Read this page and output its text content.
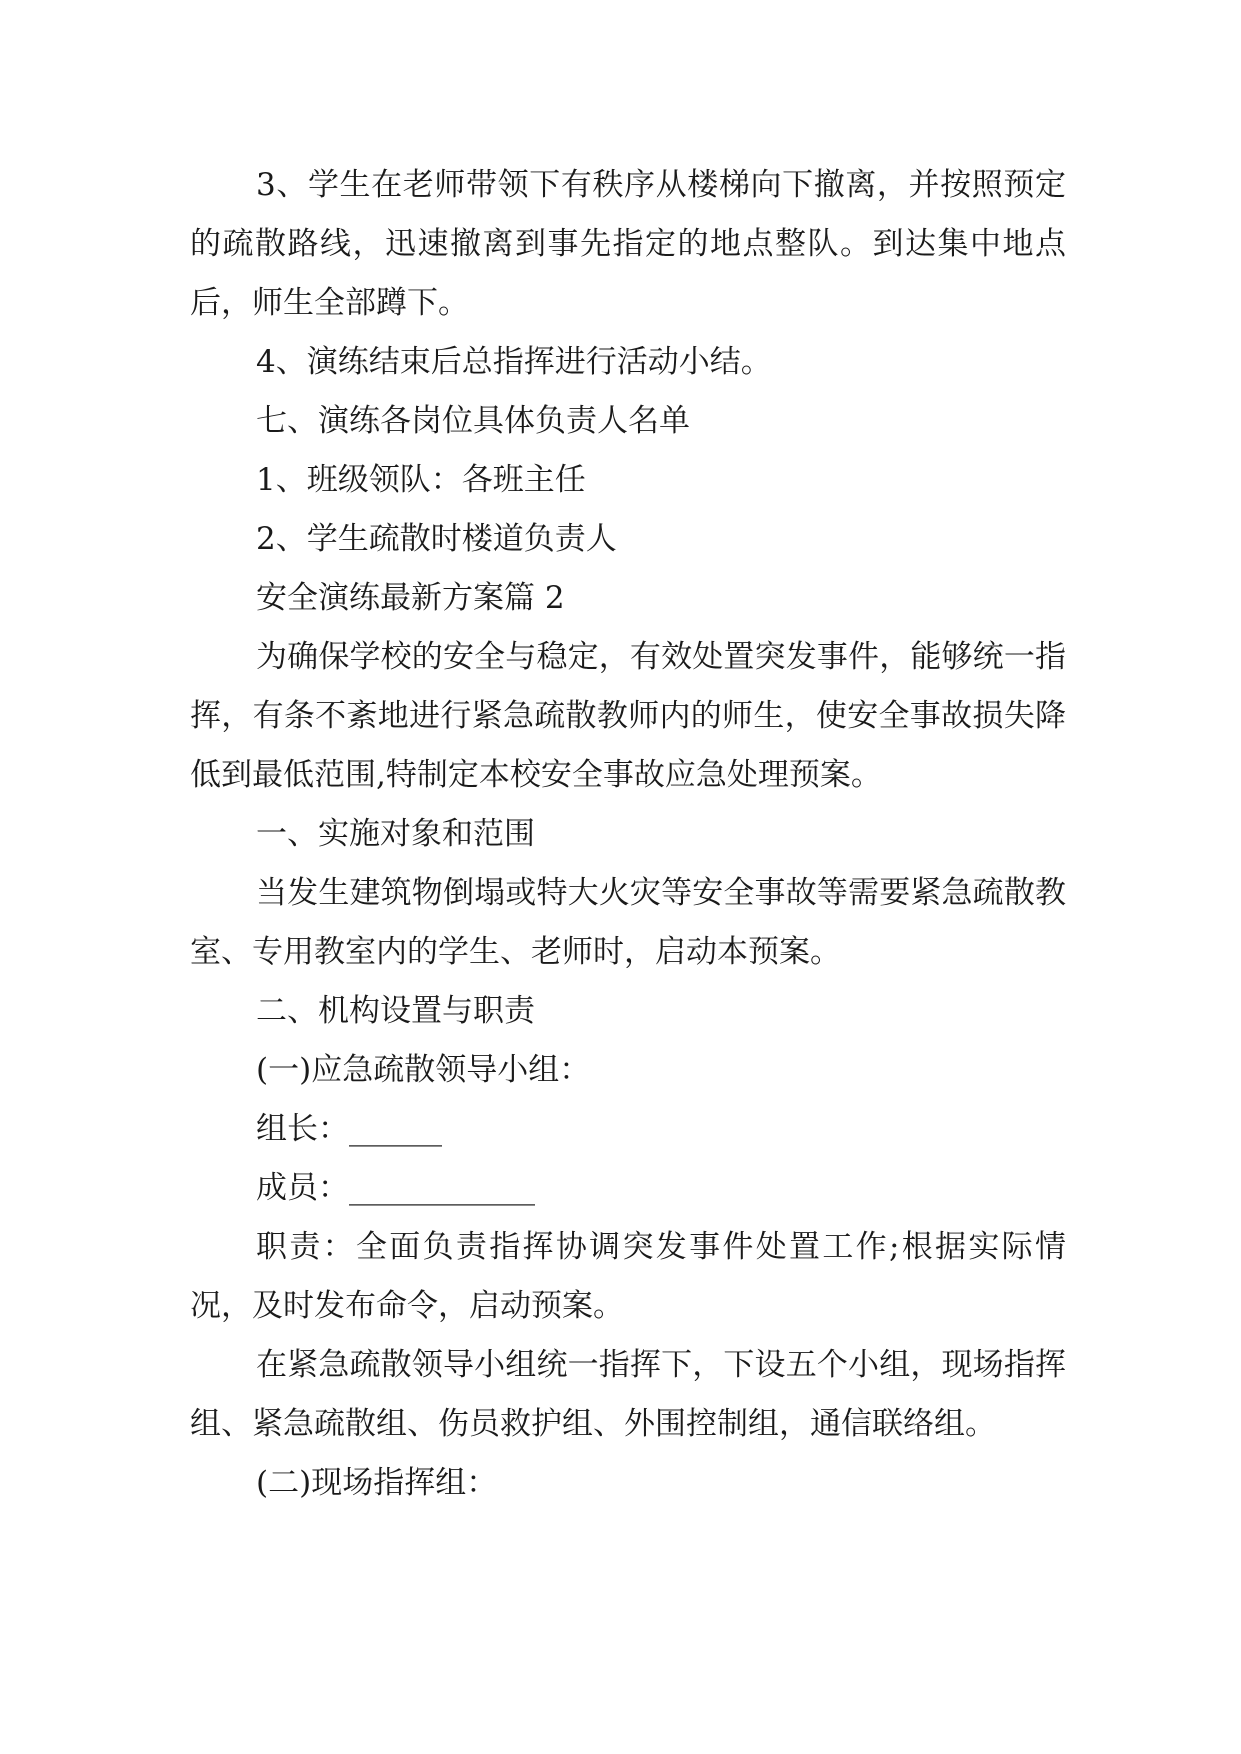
3、学生在老师带领下有秩序从楼梯向下撤离，并按照预定的疏散路线，迅速撤离到事先指定的地点整队。到达集中地点后，师生全部蹲下。

4、演练结束后总指挥进行活动小结。

七、演练各岗位具体负责人名单

1、班级领队：各班主任

2、学生疏散时楼道负责人

安全演练最新方案篇 2

为确保学校的安全与稳定，有效处置突发事件，能够统一指挥，有条不紊地进行紧急疏散教师内的师生，使安全事故损失降低到最低范围,特制定本校安全事故应急处理预案。

一、实施对象和范围

当发生建筑物倒塌或特大火灾等安全事故等需要紧急疏散教室、专用教室内的学生、老师时，启动本预案。

二、机构设置与职责

(一)应急疏散领导小组：

组长：______

成员：____________

职责：全面负责指挥协调突发事件处置工作;根据实际情况，及时发布命令，启动预案。

在紧急疏散领导小组统一指挥下，下设五个小组，现场指挥组、紧急疏散组、伤员救护组、外围控制组，通信联络组。

(二)现场指挥组：
